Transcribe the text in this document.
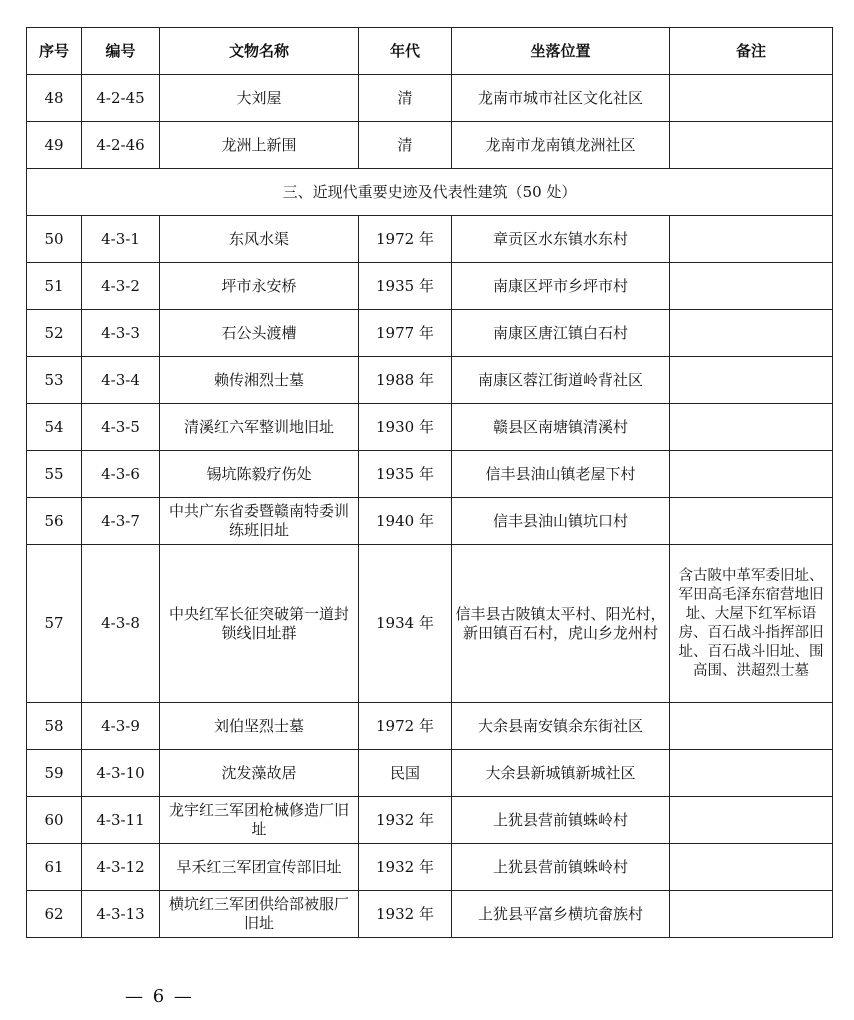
序号	编号	文物名称	年代	坐落位置	备注
48	4-2-45	大刘屋	清	龙南市城市社区文化社区	
49	4-2-46	龙洲上新围	清	龙南市龙南镇龙洲社区	
三、近现代重要史迹及代表性建筑（50 处）					
50	4-3-1	东风水渠	1972 年	章贡区水东镇水东村	
51	4-3-2	坪市永安桥	1935 年	南康区坪市乡坪市村	
52	4-3-3	石公头渡槽	1977 年	南康区唐江镇白石村	
53	4-3-4	赖传湘烈士墓	1988 年	南康区蓉江街道岭背社区	
54	4-3-5	清溪红六军整训地旧址	1930 年	赣县区南塘镇清溪村	
55	4-3-6	锡坑陈毅疗伤处	1935 年	信丰县油山镇老屋下村	
56	4-3-7	中共广东省委暨赣南特委训练班旧址	1940 年	信丰县油山镇坑口村	
57	4-3-8	中央红军长征突破第一道封锁线旧址群	1934 年	信丰县古陂镇太平村、阳光村，新田镇百石村，虎山乡龙州村	含古陂中革军委旧址、军田高毛泽东宿营地旧址、大屋下红军标语房、百石战斗指挥部旧址、百石战斗旧址、围高围、洪超烈士墓
58	4-3-9	刘伯坚烈士墓	1972 年	大余县南安镇余东街社区	
59	4-3-10	沈发藻故居	民国	大余县新城镇新城社区	
60	4-3-11	龙宇红三军团枪械修造厂旧址	1932 年	上犹县营前镇蛛岭村	
61	4-3-12	早禾红三军团宣传部旧址	1932 年	上犹县营前镇蛛岭村	
62	4-3-13	横坑红三军团供给部被服厂旧址	1932 年	上犹县平富乡横坑畲族村	
— 6 —
